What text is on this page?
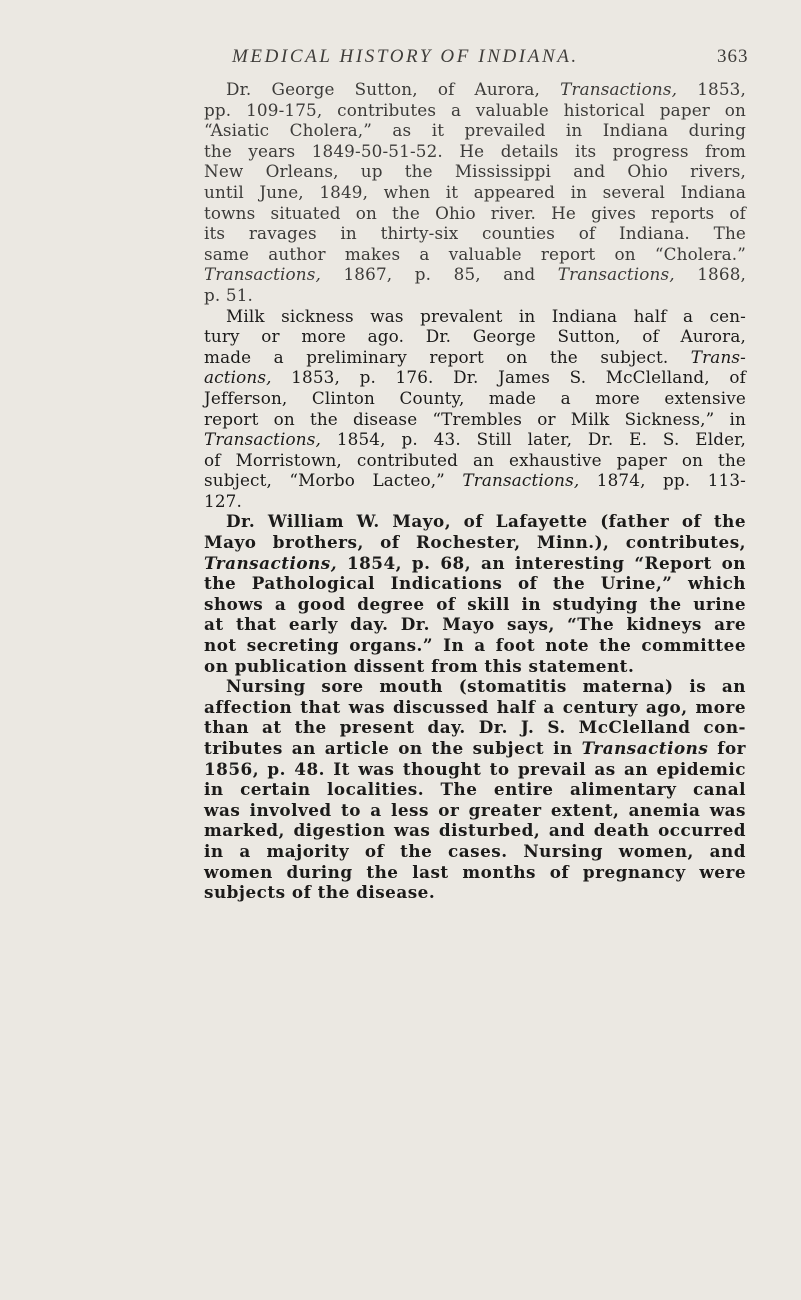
MEDICAL HISTORY OF INDIANA.	363
Dr. George Sutton, of Aurora, Transactions, 1853,
pp. 109-175, contributes a valuable historical paper on
“Asiatic Cholera,” as it prevailed in Indiana during
the years 1849-50-51-52. He details its progress from
New Orleans, up the Mississippi and Ohio rivers,
until June, 1849, when it appeared in several Indiana
towns situated on the Ohio river. He gives reports of
its ravages in thirty-six counties of Indiana. The
same author makes a valuable report on “Cholera.”
Transactions, 1867, p. 85, and Transactions, 1868,
p. 51.
Milk sickness was prevalent in Indiana half a cen-
tury or more ago. Dr. George Sutton, of Aurora,
made a preliminary report on the subject. Trans-
actions, 1853, p. 176. Dr. James S. McClelland, of
Jefferson, Clinton County, made a more extensive
report on the disease “Trembles or Milk Sickness,” in
Transactions, 1854, p. 43. Still later, Dr. E. S. Elder,
of Morristown, contributed an exhaustive paper on the
subject, “Morbo Lacteo,” Transactions, 1874, pp. 113-
127.
Dr. William W. Mayo, of Lafayette (father of the
Mayo brothers, of Rochester, Minn.), contributes,
Transactions, 1854, p. 68, an interesting “Report on
the Pathological Indications of the Urine,” which
shows a good degree of skill in studying the urine
at that early day. Dr. Mayo says, “The kidneys are
not secreting organs.” In a foot note the committee
on publication dissent from this statement.
Nursing sore mouth (stomatitis materna) is an
affection that was discussed half a century ago, more
than at the present day. Dr. J. S. McClelland con-
tributes an article on the subject in Transactions for
1856, p. 48. It was thought to prevail as an epidemic
in certain localities. The entire alimentary canal
was involved to a less or greater extent, anemia was
marked, digestion was disturbed, and death occurred
in a majority of the cases. Nursing women, and
women during the last months of pregnancy were
subjects of the disease.
